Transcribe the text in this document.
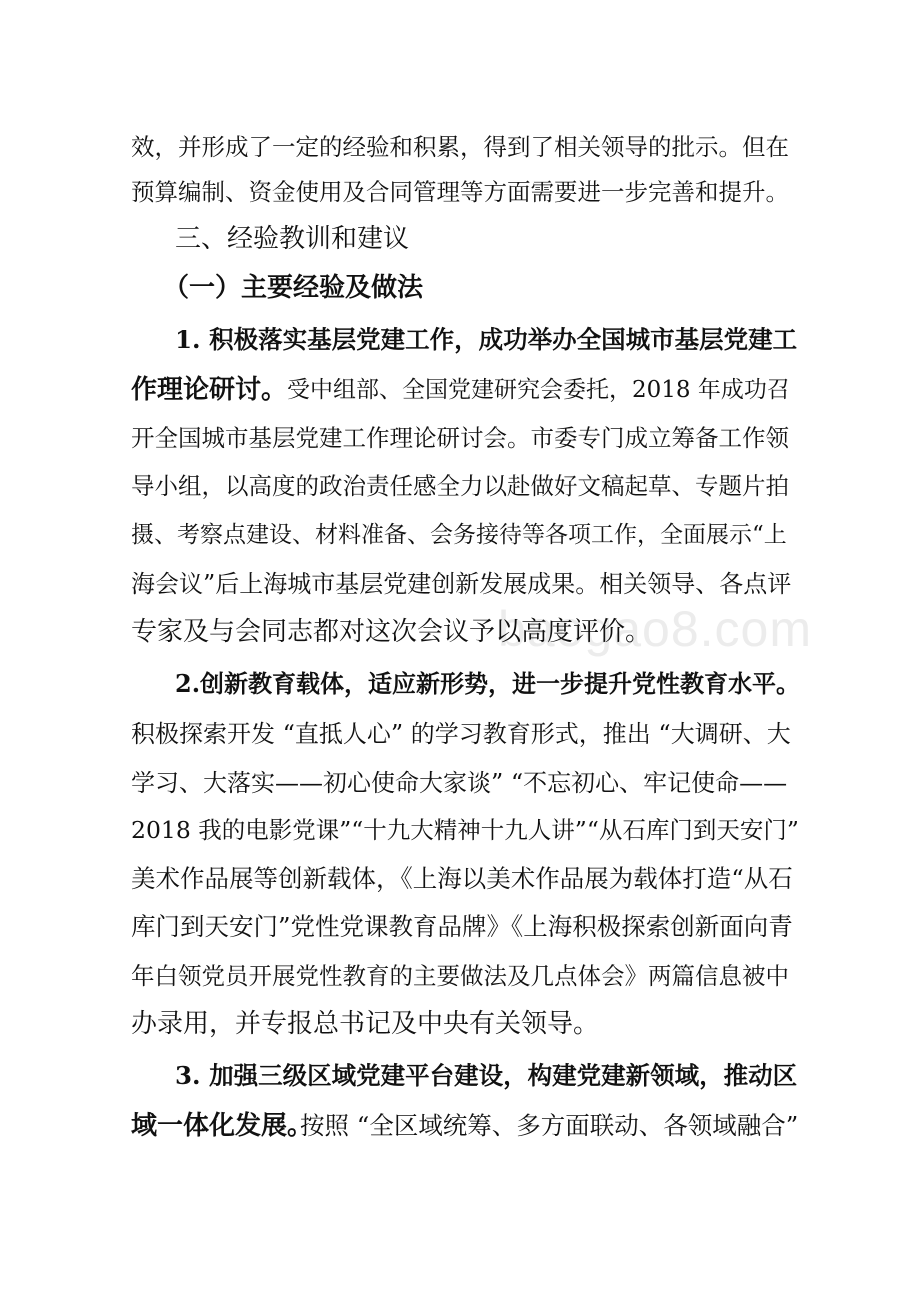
baogao8.com
效，并形成了一定的经验和积累，得到了相关领导的批示。但在
预算编制、资金使用及合同管理等方面需要进一步完善和提升。
三、经验教训和建议
（一）主要经验及做法
1. 积极落实基层党建工作，成功举办全国城市基层党建工
作理论研讨。 受中组部、全国党建研究会委托，2018 年成功召
开全国城市基层党建工作理论研讨会。市委专门成立筹备工作领
导小组，以高度的政治责任感全力以赴做好文稿起草、专题片拍
摄、考察点建设、材料准备、会务接待等各项工作，全面展示“上
海会议”后上海城市基层党建创新发展成果。相关领导、各点评
专家及与会同志都对这次会议予以高度评价。
2.创新教育载体，适应新形势，进一步提升党性教育水平。
积极探索开发 “直抵人心” 的学习教育形式，推出 “大调研、大
学习、大落实——初心使命大家谈” “不忘初心、牢记使命——
2018 我的电影党课”“十九大精神十九人讲”“从石库门到天安门”
美术作品展等创新载体，《上海以美术作品展为载体打造“从石
库门到天安门”党性党课教育品牌》《上海积极探索创新面向青
年白领党员开展党性教育的主要做法及几点体会》两篇信息被中
办录用，并专报总书记及中央有关领导。
3. 加强三级区域党建平台建设，构建党建新领域，推动区
域一体化发展。
按照 “全区域统筹、多方面联动、各领域融合”
